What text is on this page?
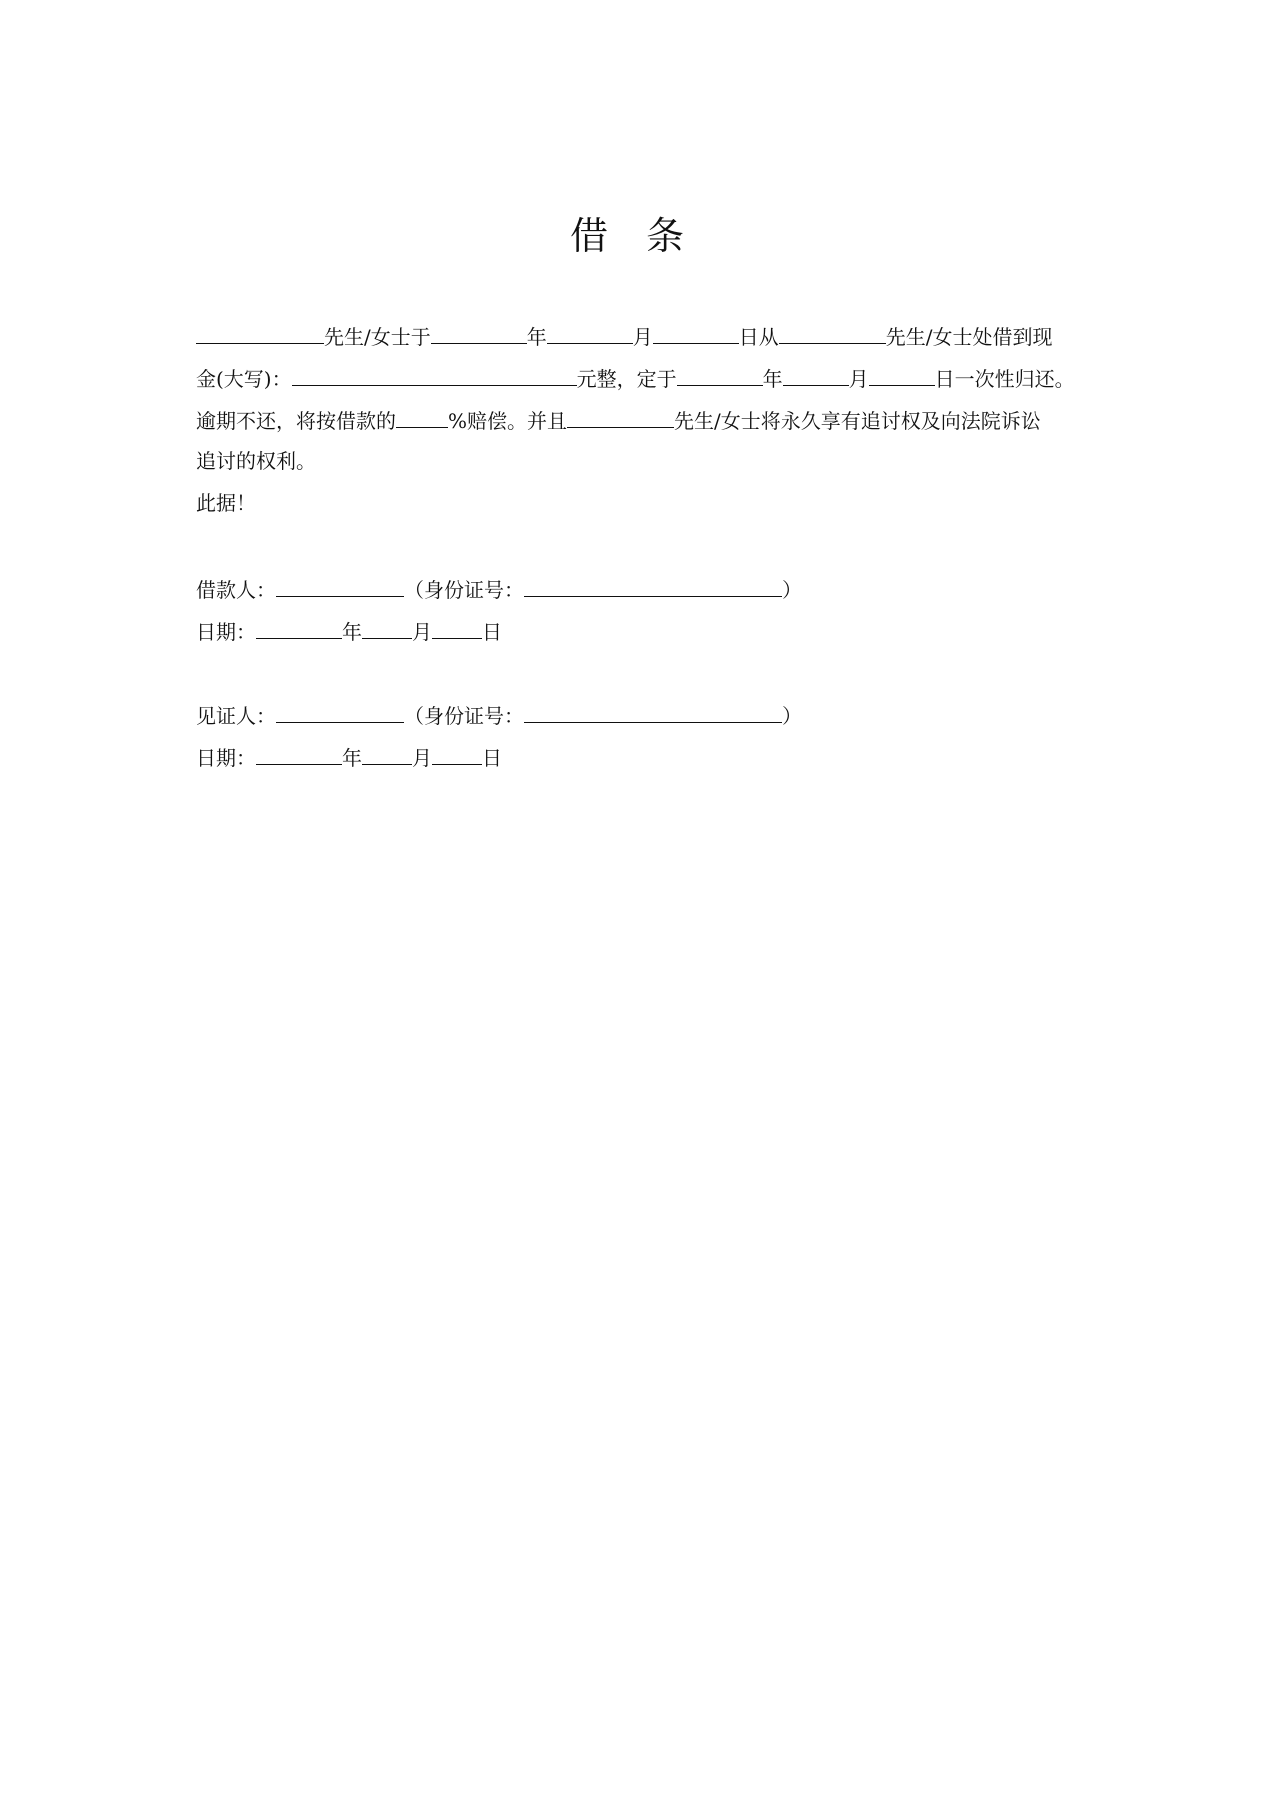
借条
先生/女士于	年	月	日从	先生/女士处借到现
金(大写)：	元整，定于	年	月	日一次性归还。
逾期不还，将按借款的	%赔偿。并且	先生/女士将永久享有追讨权及向法院诉讼
追讨的权利。
此据！
借款人：	（身份证号：	）
日期：	年	月	日
见证人：	（身份证号：	）
日期：	年	月	日
